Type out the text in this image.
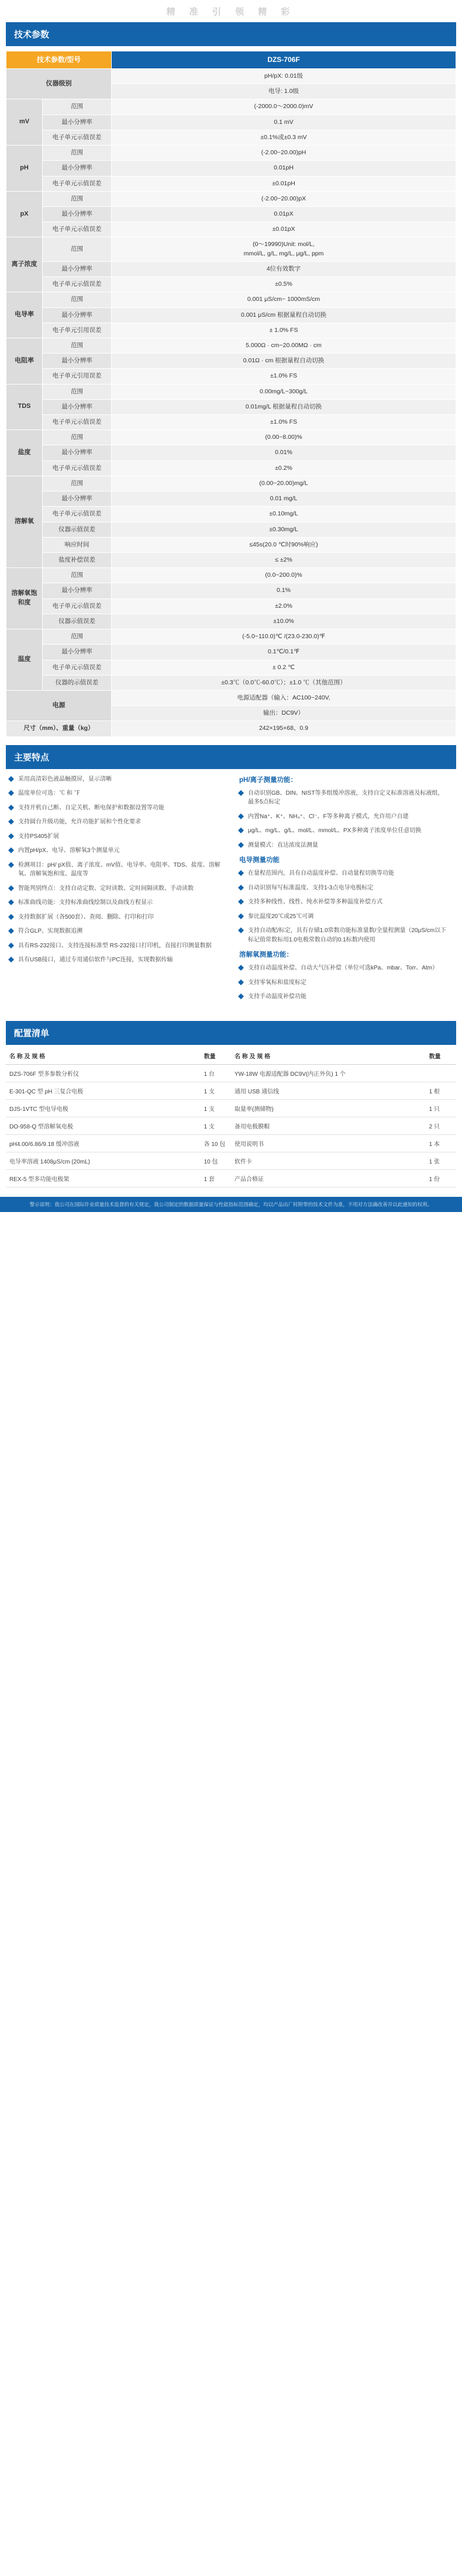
精 准 引 领 精 彩
技术参数
技术参数/型号		DZS-706F
仪器级别		pH/pX: 0.01级
		电导: 1.0级
mV	范围	(-2000.0～2000.0)mV
	最小分辨率	0.1 mV
	电子单元示值误差	±0.1%或±0.3 mV
pH	范围	(-2.00~20.00)pH
	最小分辨率	0.01pH
	电子单元示值误差	±0.01pH
pX	范围	(-2.00~20.00)pX
	最小分辨率	0.01pX
	电子单元示值误差	±0.01pX
离子浓度	范围	(0～19990)Unit: mol/L,
mmol/L, g/L, mg/L, μg/L, ppm
	最小分辨率	4位有效数字
	电子单元示值误差	±0.5%
电导率	范围	0.001 μS/cm~ 1000mS/cm
	最小分辨率	0.001 μS/cm 根据量程自动切换
	电子单元引用误差	± 1.0% FS
电阻率	范围	5.000Ω · cm~20.00MΩ · cm
	最小分辨率	0.01Ω · cm 根据量程自动切换
	电子单元引用误差	±1.0% FS
TDS	范围	0.00mg/L~300g/L
	最小分辨率	0.01mg/L 根据量程自动切换
	电子单元示值误差	±1.0% FS
盐度	范围	(0.00~8.00)%
	最小分辨率	0.01%
	电子单元示值误差	±0.2%
溶解氧	范围	(0.00~20.00)mg/L
	最小分辨率	0.01 mg/L
	电子单元示值误差	±0.10mg/L
	仪器示值误差	±0.30mg/L
	响应时间	≤45s(20.0 ℃时90%响应)
	盐度补偿误差	≤ ±2%
溶解氧饱和度	范围	(0.0~200.0)%
	最小分辨率	0.1%
	电子单元示值误差	±2.0%
	仪器示值误差	±10.0%
温度	范围	(-5.0~110.0)℃ /(23.0-230.0)℉
	最小分辨率	0.1℃/0.1℉
	电子单元示值误差	± 0.2 ℃
	仪器的示值误差	±0.3℃（0.0℃-60.0℃）；±1.0 ℃（其他范围）
电源		电源适配器（输入：AC100~240V,
		输出：DC9V）
尺寸（mm）、重量（kg）		242×195×68、0.9
主要特点
采用高清彩色液晶触摸屏，显示清晰
温度单位可选：℃ 和 ℉
支持开机自己断、自定关机、断电保护和数据设置等功能
支持圆台升级功能，允许功能扩展和个性化要求
支持PS405扩展
内置pH/pX、电导、溶解氧3个测量单元
检测项目：pH/ pX值、离子浓度、mV值、电导率、电阻率、TDS、盐度、溶解氧、溶解氧饱和度、温度等
智能判别终点：支持自动定数、定时读数、定时间隔读数、手动读数
标准曲线功能：支持标准曲线绘制以及曲线方程显示
支持数据扩展（各500套）、查阅、删除、打印和打印
符合GLP、实现数据追溯
具有RS-232接口、支持连接标准型 RS-232接口打印机，直接打印测量数据
具有USB接口，通过专用通信软件与PC连接，实现数据传输
pH/离子测量功能：
自动识别GB、DIN、NIST等多组缓冲溶液，支持自定义标准溶液及标液组，最多5点标定
内置Na⁺、K⁺、NH₄⁺、Cl⁻、F等多种离子模式，允许用户自建
μg/L、mg/L、g/L、mol/L、mmol/L、PX多种离子浓度单位任意切换
测量模式：直达浓度法测量
电导测量功能
在量程范围内，具有自动温度补偿、自动量程切换等功能
自动识别每写标准温度、支持1-3点电导电极标定
支持多种线性、线性、纯水补偿等多种温度补偿方式
参比温度20℃或25℃可调
支持自动配/标定，具有存储1.0常数功能标准量数/全量程测量（20μS/cm以下标记值常数标用1.0电极常数自动的0.1标数内使用
溶解氧测量功能：
支持自动温度补偿、自动大气压补偿（单位可选kPa、mbar、Torr、Atm）
支持零氧标和盐度标定
支持手动温度补偿功能
配置清单
名 称 及 规 格	数量	名 称 及 规 格	数量
DZS-706F 型多参数分析仪	1 台	YW-18W 电源适配器 DC9V(内正外负) 1 个	
E-301-QC 型 pH 三复合电极	1 支	通用 USB 通信线	1 根
DJS-1VTC 型电导电极	1 支	取量率(测储物)	1 只
DO-958-Q 型溶解氧电极	1 支	备用电极膜帽	2 只
pH4.00/6.86/9.18 缓冲溶液	各 10 包	使用说明书	1 本
电导率溶液 1408μS/cm (20mL)	10 包	软件卡	1 张
REX-5 型多功能电极架	1 套	产品合格证	1 份
警示说明：我公司在国际许业质量技术监督的有关规定，我公司制定的数据质量保证与性能指标范围确定，均以产品出厂时附带的技术文件为准，不用对方法确改善并以此通知的权利。
